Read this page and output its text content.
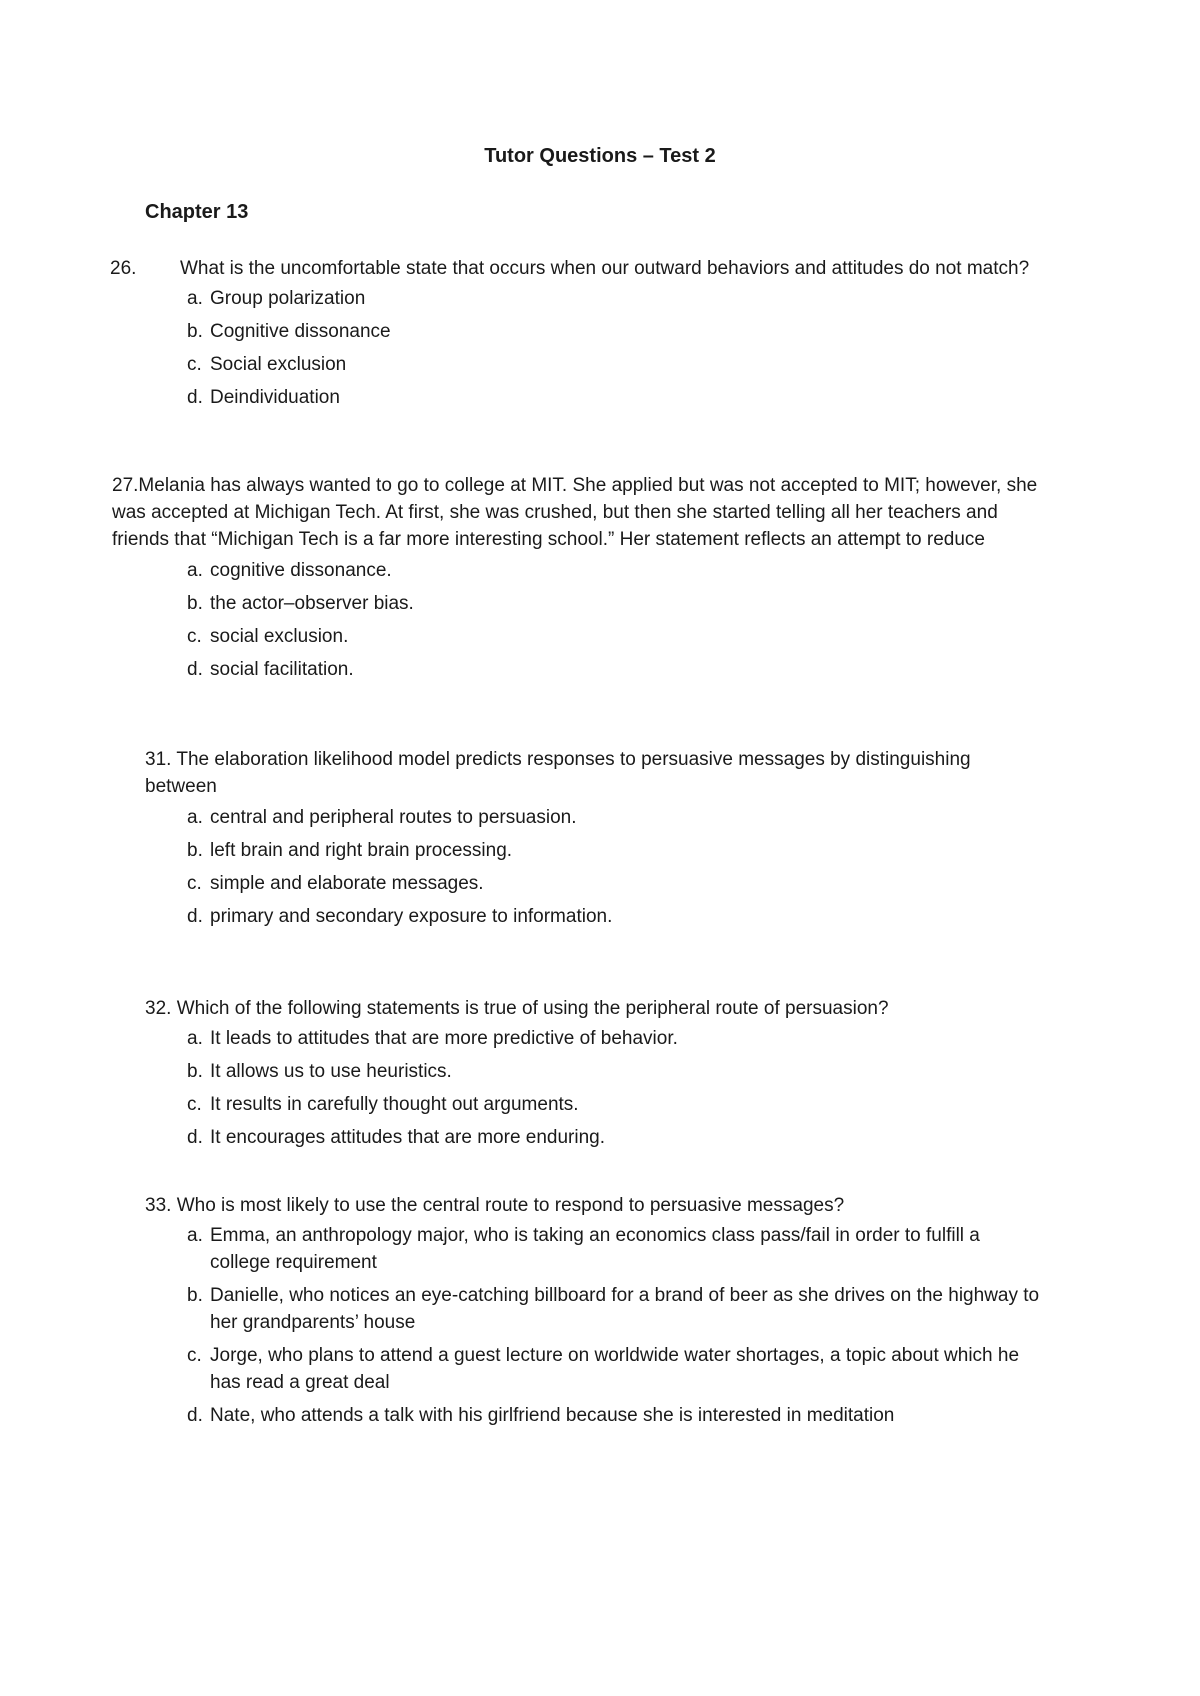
Tutor Questions – Test 2
Chapter 13

26. What is the uncomfortable state that occurs when our outward behaviors and attitudes do not match?

a. Group polarization
b. Cognitive dissonance
c. Social exclusion
d. Deindividuation

27.Melania has always wanted to go to college at MIT. She applied but was not accepted to MIT; however, she was accepted at Michigan Tech. At first, she was crushed, but then she started telling all her teachers and friends that “Michigan Tech is a far more interesting school.” Her statement reflects an attempt to reduce

a. cognitive dissonance.
b. the actor–observer bias.
c. social exclusion.
d. social facilitation.

31. The elaboration likelihood model predicts responses to persuasive messages by distinguishing between

a. central and peripheral routes to persuasion.
b. left brain and right brain processing.
c. simple and elaborate messages.
d. primary and secondary exposure to information.

32. Which of the following statements is true of using the peripheral route of persuasion?

a. It leads to attitudes that are more predictive of behavior.
b. It allows us to use heuristics.
c. It results in carefully thought out arguments.
d. It encourages attitudes that are more enduring.

33. Who is most likely to use the central route to respond to persuasive messages?

a. Emma, an anthropology major, who is taking an economics class pass/fail in order to fulfill a college requirement
b. Danielle, who notices an eye-catching billboard for a brand of beer as she drives on the highway to her grandparents’ house
c. Jorge, who plans to attend a guest lecture on worldwide water shortages, a topic about which he has read a great deal
d. Nate, who attends a talk with his girlfriend because she is interested in meditation
